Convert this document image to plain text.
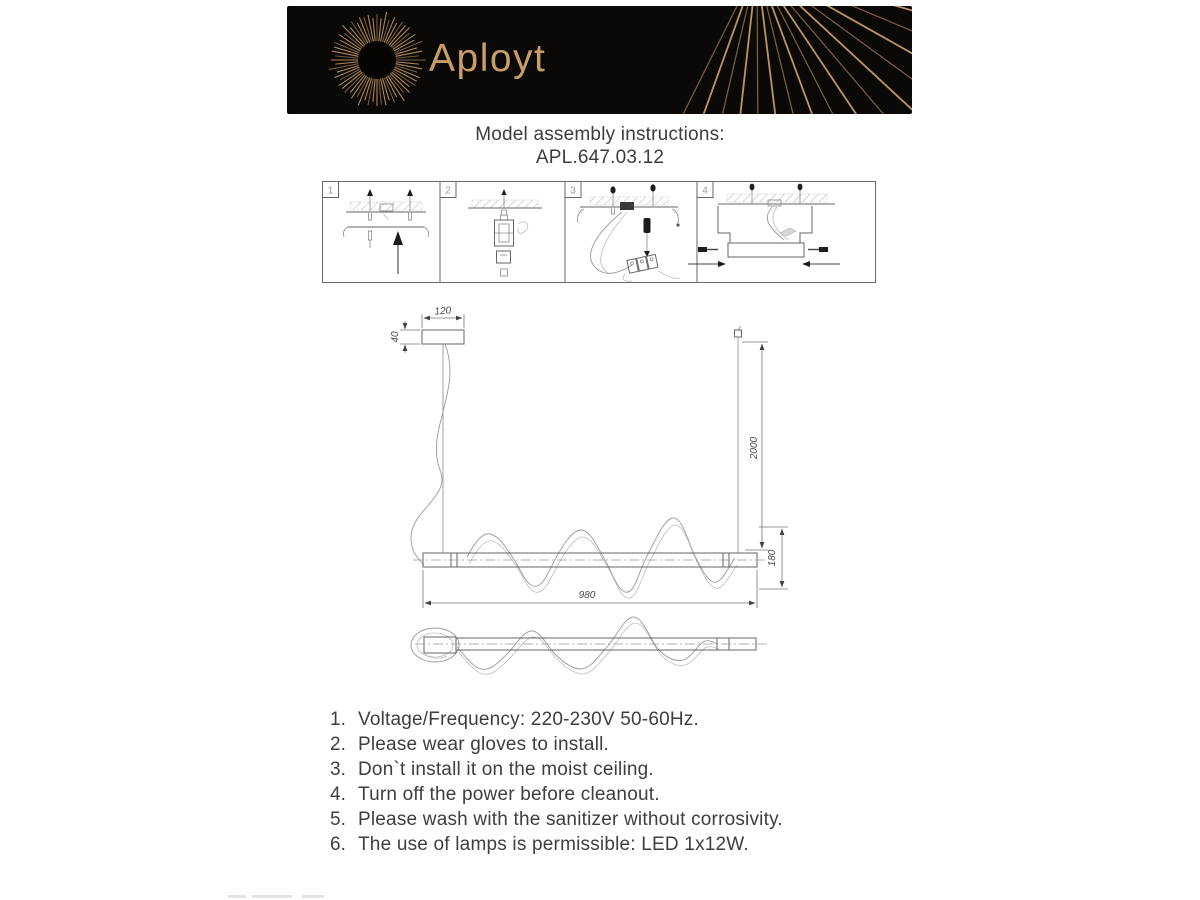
Aployt
Model assembly instructions:
APL.647.03.12
1	2	3	4
120
40
2000
180
980
1. Voltage/Frequency: 220-230V 50-60Hz.
2. Please wear gloves to install.
3. Don`t install it on the moist ceiling.
4. Turn off the power before cleanout.
5. Please wash with the sanitizer without corrosivity.
6. The use of lamps is permissible: LED 1x12W.
